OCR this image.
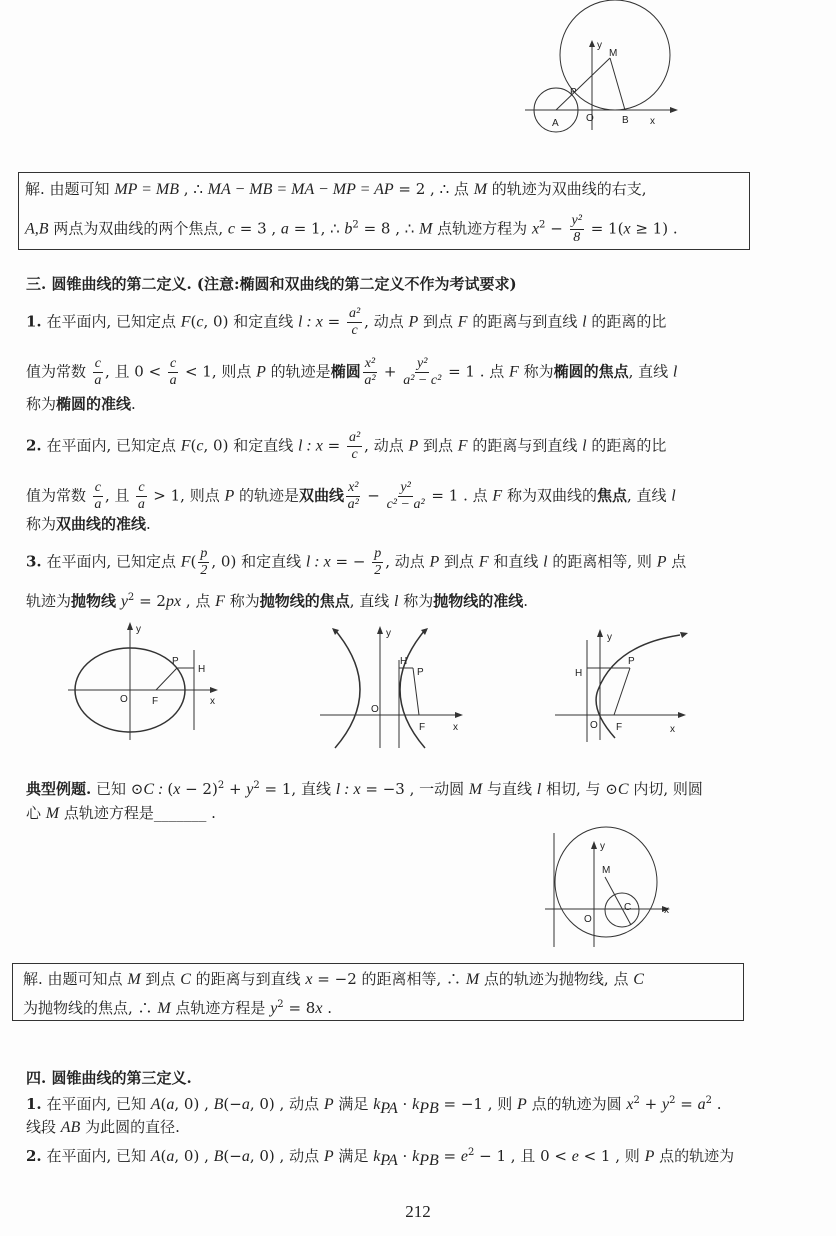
A	O
P
M
B x
y
解. 由题可知 MP = MB , ∴ MA − MB = MA − MP = AP = 2 , ∴ 点 M 的轨迹为双曲线的右支,
A,B 两点为双曲线的两个焦点, c = 3 , a = 1, ∴ $b^2 = 8$ , ∴ M 点轨迹方程为 $x^2 - \frac{\text{y²}}{8} = 1(x \ge 1)$ .
三. 圆锥曲线的第二定义. (注意:椭圆和双曲线的第二定义不作为考试要求)
1. 在平面内, 已知定点 F(c, 0) 和定直线 l : $x = \frac{\text{a²}}{c}$ , 动点 P 到点 F 的距离与到直线 l 的距离的比
值为常数 $\frac{c}{a}$ , 且 $0 < \frac{c}{a} < 1$, 则点 P 的轨迹是椭圆 $\frac{\text{x²}}{\text{a²}} + \frac{\text{y²}}{\text{a² − c²}} = 1$ . 点 F 称为椭圆的焦点, 直线 l
称为椭圆的准线.
2. 在平面内, 已知定点 F(c, 0) 和定直线 l : $x = \frac{\text{a²}}{c}$ , 动点 P 到点 F 的距离与到直线 l 的距离的比
值为常数 $\frac{c}{a}$ , 且 $\frac{c}{a} > 1$, 则点 P 的轨迹是双曲线 $\frac{\text{x²}}{\text{a²}} - \frac{\text{y²}}{\text{c² − a²}} = 1$ . 点 F 称为双曲线的焦点, 直线 l
称为双曲线的准线.
3. 在平面内, 已知定点 $F( \frac{p}{2}$ , 0) 和定直线 l : x = − $\frac{p}{2}$ , 动点 P 到点 F 和直线 l 的距离相等, 则 P 点
轨迹为抛物线 $y^2 = 2px$ , 点 F 称为抛物线的焦点, 直线 l 称为抛物线的准线.
y
P
H
O F	x
y
H
P
O
F	x
y
H
P
O F	x
典型例题. 已知 ⊙C : $(x - 2)^2 + y^2 = 1$, 直线 l : x = −3 , 一动圆 M 与直线 l 相切, 与 ⊙C 内切, 则圆
心 M 点轨迹方程是_______ .
y
M
C
O
x
解. 由题可知点 M 到点 C 的距离与到直线 x = −2 的距离相等, ∴ M 点的轨迹为抛物线, 点 C
为抛物线的焦点, ∴ M 点轨迹方程是 $y^2 = 8x$ .
四. 圆锥曲线的第三定义.
1. 在平面内, 已知 A(a, 0) , B(−a, 0) , 动点 P 满足 $k_{PA} \cdot k_{PB} = -1$ , 则 P 点的轨迹为圆 $x^2 + y^2 = a^2$ .
线段 AB 为此圆的直径.
2. 在平面内, 已知 A(a, 0) , B(−a, 0) , 动点 P 满足 $k_{PA} \cdot k_{PB} = e^2 - 1$ , 且 0 < e < 1 , 则 P 点的轨迹为
212
